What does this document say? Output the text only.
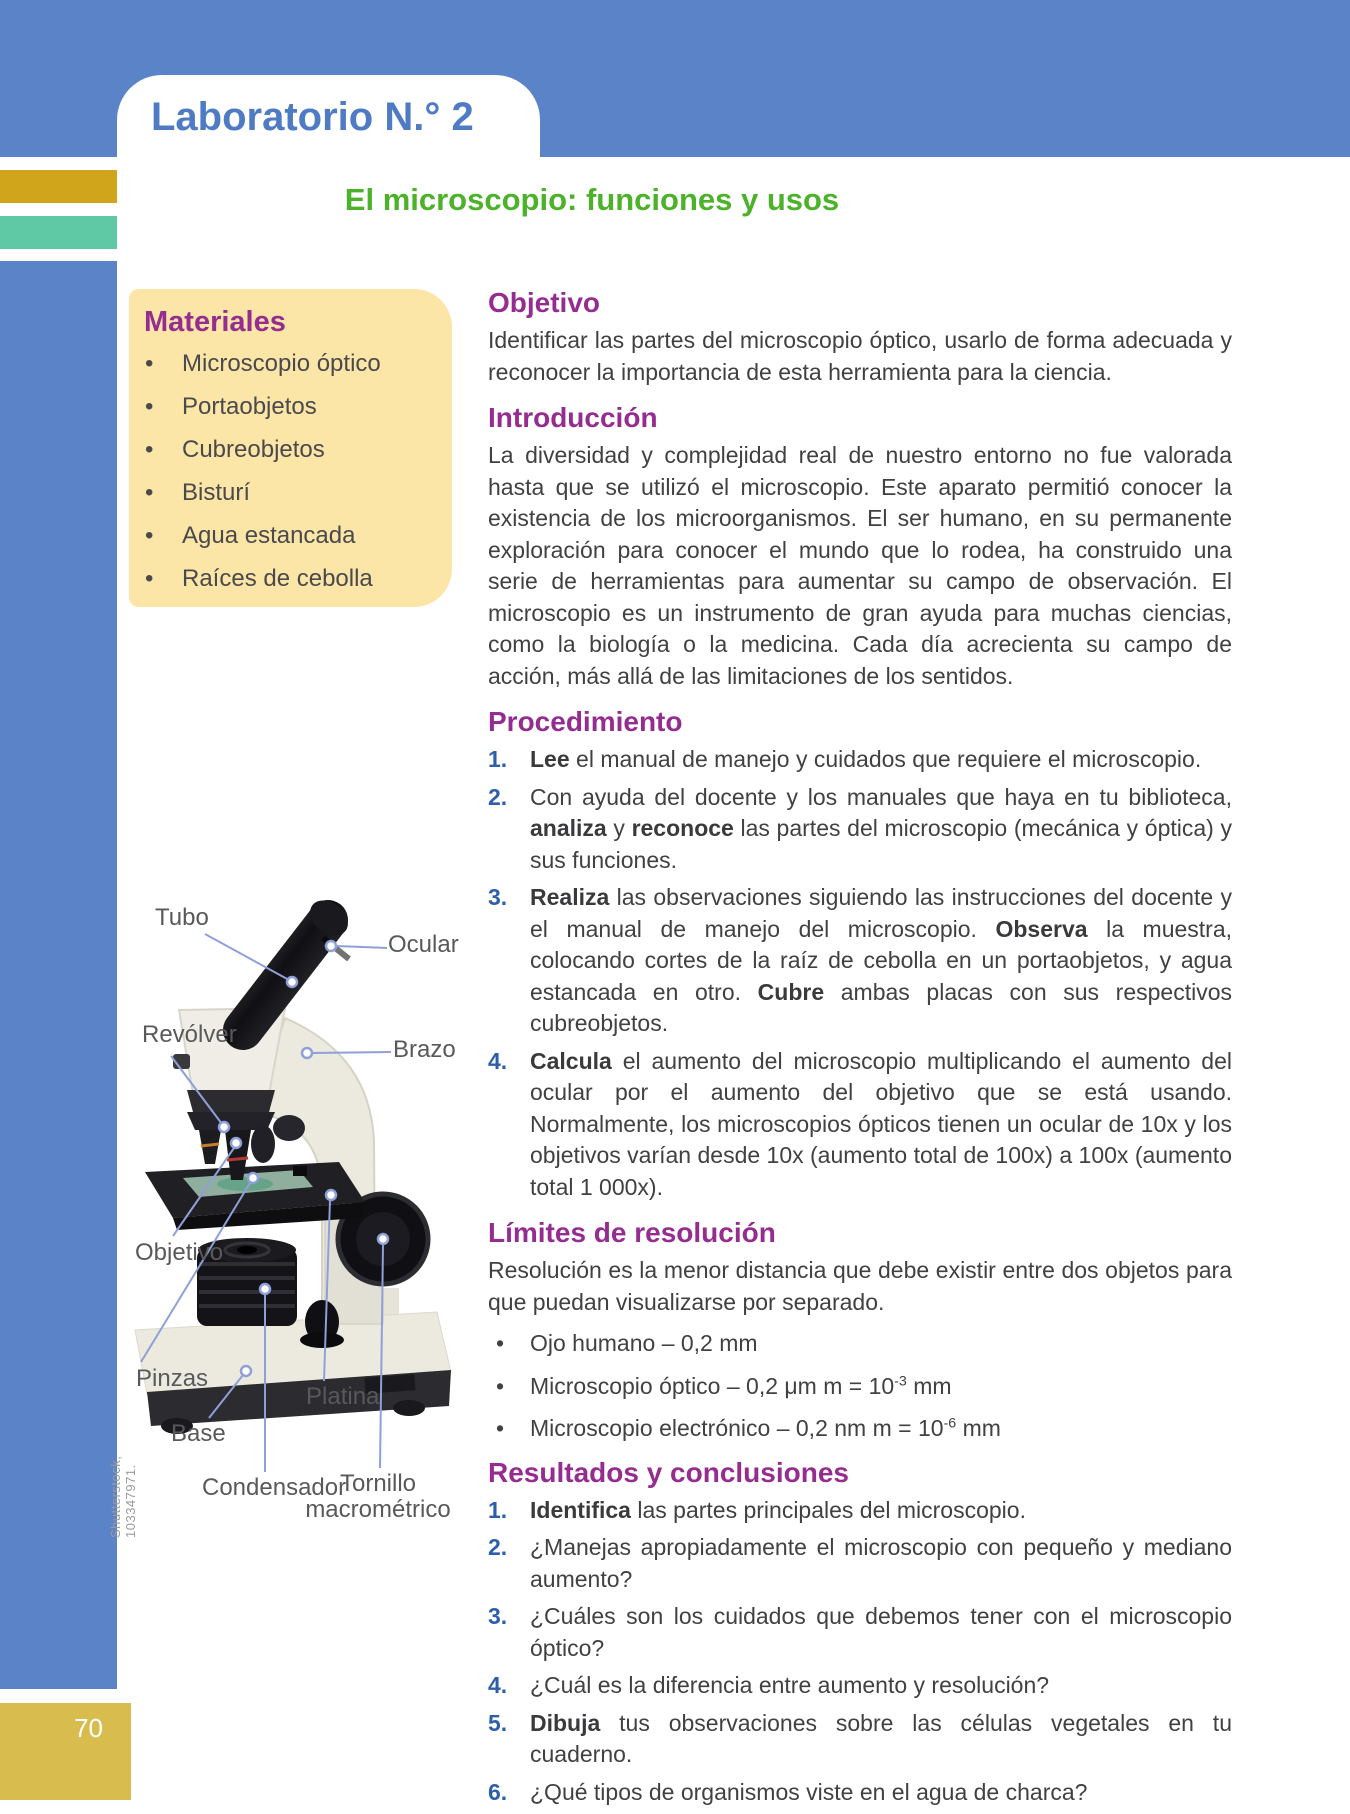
Laboratorio N.° 2
El microscopio: funciones y usos
70
Materiales
• Microscopio óptico
• Portaobjetos
• Cubreobjetos
• Bisturí
• Agua estancada
• Raíces de cebolla
Objetivo

Identificar las partes del microscopio óptico, usarlo de forma adecuada y reconocer la importancia de esta herramienta para la ciencia.

Introducción

La diversidad y complejidad real de nuestro entorno no fue valorada hasta que se utilizó el microscopio. Este aparato permitió conocer la existencia de los microorganismos. El ser humano, en su permanente exploración para conocer el mundo que lo rodea, ha construido una serie de herramientas para aumentar su campo de observación. El microscopio es un instrumento de gran ayuda para muchas ciencias, como la biología o la medicina. Cada día acrecienta su campo de acción, más allá de las limitaciones de los sentidos.

Procedimiento
Lee el manual de manejo y cuidados que requiere el microscopio.
Con ayuda del docente y los manuales que haya en tu biblioteca, analiza y reconoce las partes del microscopio (mecánica y óptica) y sus funciones.
Realiza las observaciones siguiendo las instrucciones del docente y el manual de manejo del microscopio. Observa la muestra, colocando cortes de la raíz de cebolla en un portaobjetos, y agua estancada en otro. Cubre ambas placas con sus respectivos cubreobjetos.
Calcula el aumento del microscopio multiplicando el aumento del ocular por el aumento del objetivo que se está usando. Normalmente, los microscopios ópticos tienen un ocular de 10x y los objetivos varían desde 10x (aumento total de 100x) a 100x (aumento total 1 000x).
Límites de resolución

Resolución es la menor distancia que debe existir entre dos objetos para que puedan visualizarse por separado.

• Ojo humano – 0,2 mm
• Microscopio óptico – 0,2 μm $m = 10^{-3}$ mm
• Microscopio electrónico – 0,2 nm $m = 10^{-6}$ mm
Resultados y conclusiones
Identifica las partes principales del microscopio.
¿Manejas apropiadamente el microscopio con pequeño y mediano aumento?
¿Cuáles son los cuidados que debemos tener con el microscopio óptico?
¿Cuál es la diferencia entre aumento y resolución?
Dibuja tus observaciones sobre las células vegetales en tu cuaderno.
¿Qué tipos de organismos viste en el agua de charca?
Tubo
Ocular
Revólver
Brazo
Objetivo
Pinzas
Base
Condensador
Platina
Tornillo macrométrico
Shutterstock, 103347971.
